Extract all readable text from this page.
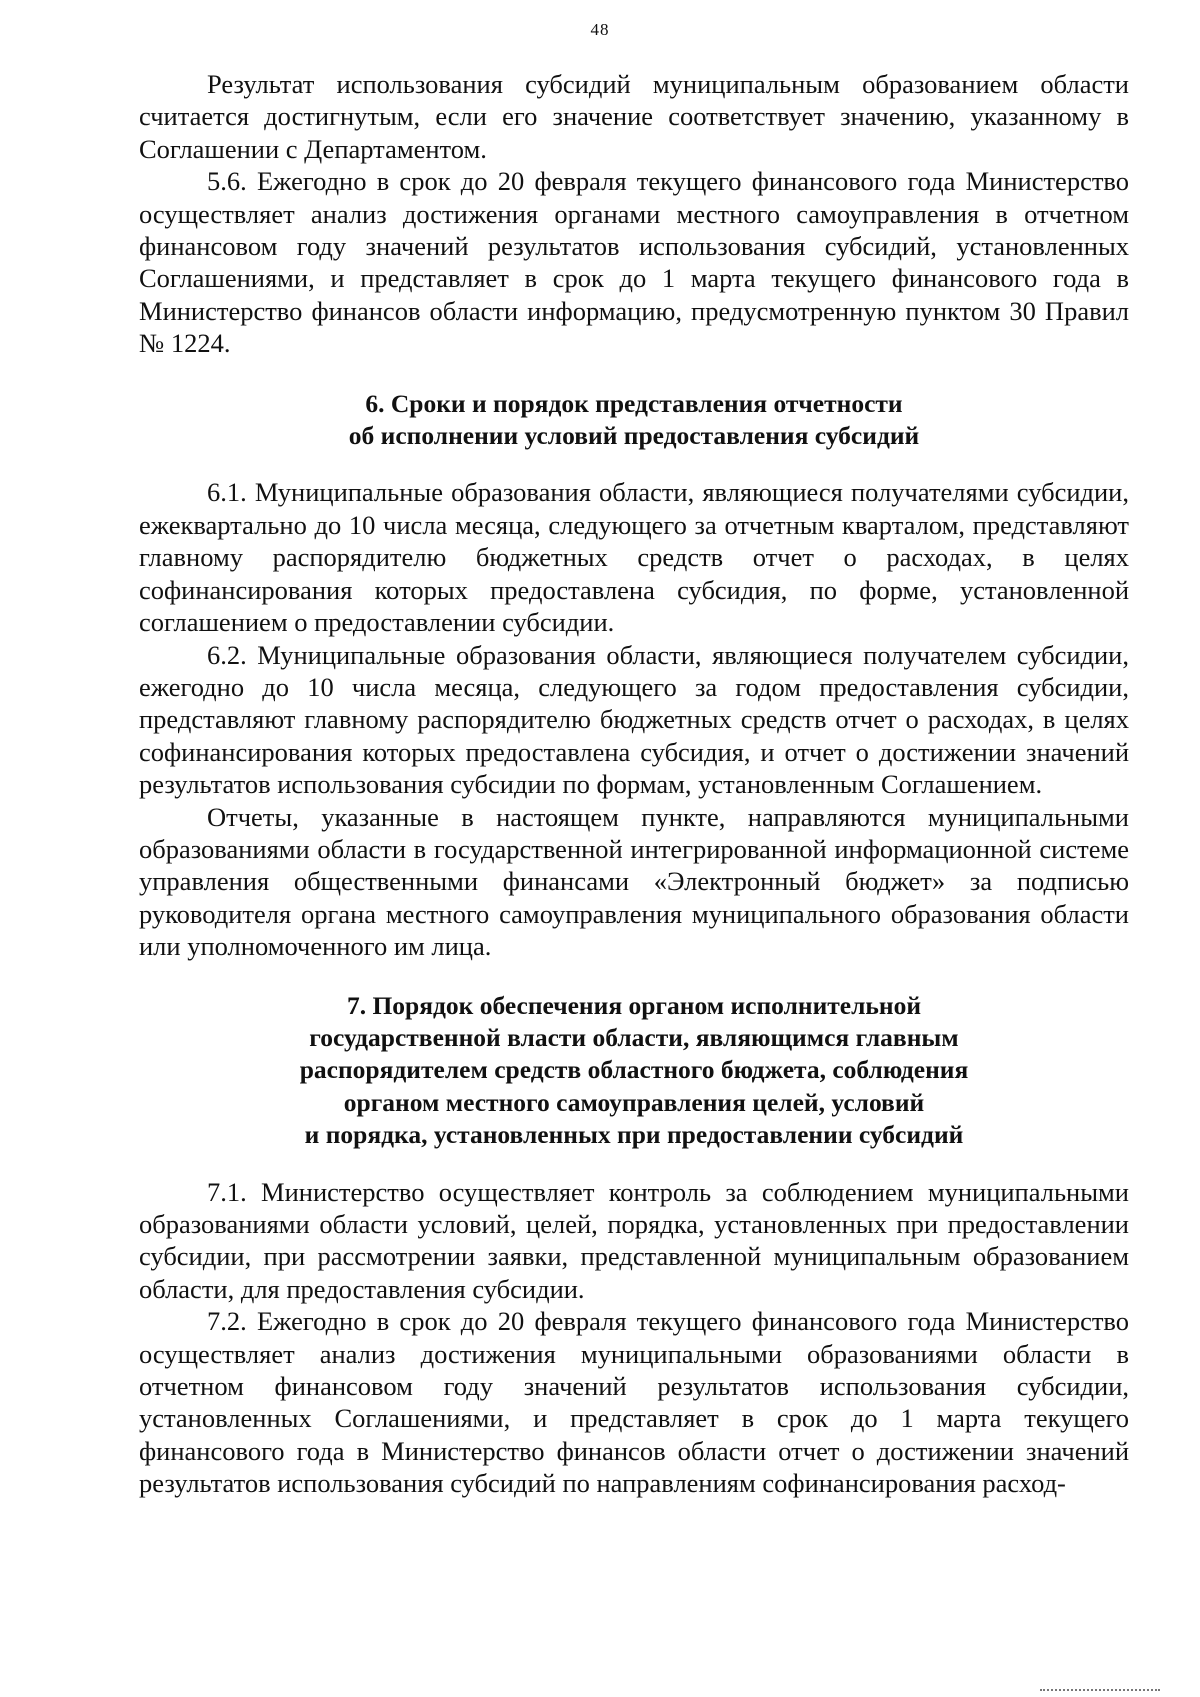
48

Результат использования субсидий муниципальным образованием области считается достигнутым, если его значение соответствует значению, указанному в Соглашении с Департаментом.

5.6. Ежегодно в срок до 20 февраля текущего финансового года Министерство осуществляет анализ достижения органами местного самоуправления в отчетном финансовом году значений результатов использования субсидий, установленных Соглашениями, и представляет в срок до 1 марта текущего финансового года в Министерство финансов области информацию, предусмотренную пунктом 30 Правил № 1224.

6. Сроки и порядок представления отчетности

об исполнении условий предоставления субсидий

6.1. Муниципальные образования области, являющиеся получателями субсидии, ежеквартально до 10 числа месяца, следующего за отчетным кварталом, представляют главному распорядителю бюджетных средств отчет о расходах, в целях софинансирования которых предоставлена субсидия, по форме, установленной соглашением о предоставлении субсидии.

6.2. Муниципальные образования области, являющиеся получателем субсидии, ежегодно до 10 числа месяца, следующего за годом предоставления субсидии, представляют главному распорядителю бюджетных средств отчет о расходах, в целях софинансирования которых предоставлена субсидия, и отчет о достижении значений результатов использования субсидии по формам, установленным Соглашением.

Отчеты, указанные в настоящем пункте, направляются муниципальными образованиями области в государственной интегрированной информационной системе управления общественными финансами «Электронный бюджет» за подписью руководителя органа местного самоуправления муниципального образования области или уполномоченного им лица.

7. Порядок обеспечения органом исполнительной

государственной власти области, являющимся главным

распорядителем средств областного бюджета, соблюдения

органом местного самоуправления целей, условий

и порядка, установленных при предоставлении субсидий

7.1. Министерство осуществляет контроль за соблюдением муниципальными образованиями области условий, целей, порядка, установленных при предоставлении субсидии, при рассмотрении заявки, представленной муниципальным образованием области, для предоставления субсидии.

7.2. Ежегодно в срок до 20 февраля текущего финансового года Министерство осуществляет анализ достижения муниципальными образованиями области в отчетном финансовом году значений результатов использования субсидии, установленных Соглашениями, и представляет в срок до 1 марта текущего финансового года в Министерство финансов области отчет о достижении значений результатов использования субсидий по направлениям софинансирования расход-
